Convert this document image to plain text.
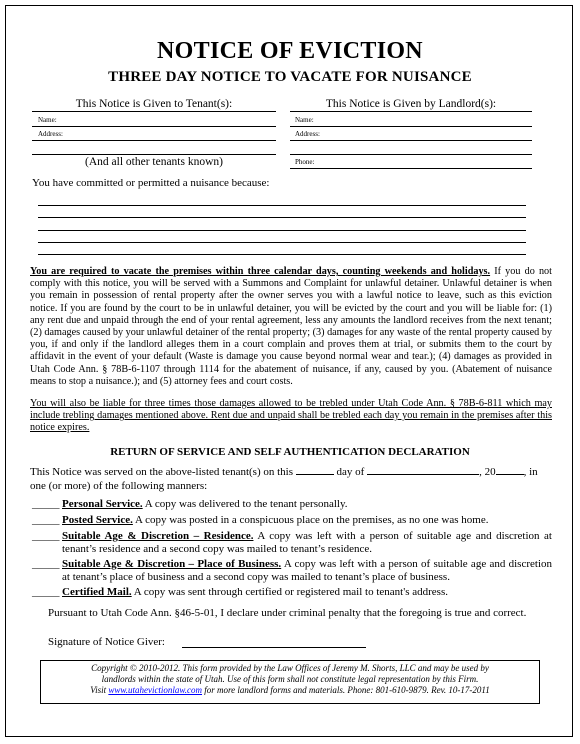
NOTICE OF EVICTION
THREE DAY NOTICE TO VACATE FOR NUISANCE
This Notice is Given to Tenant(s):
Name:
Address:
(And all other tenants known)
This Notice is Given by Landlord(s):
Name:
Address:
Phone:
You have committed or permitted a nuisance because:
You are required to vacate the premises within three calendar days, counting weekends and holidays. If you do not comply with this notice, you will be served with a Summons and Complaint for unlawful detainer. Unlawful detainer is when you remain in possession of rental property after the owner serves you with a lawful notice to leave, such as this eviction notice. If you are found by the court to be in unlawful detainer, you will be evicted by the court and you will be liable for: (1) any rent due and unpaid through the end of your rental agreement, less any amounts the landlord receives from the next tenant; (2) damages caused by your unlawful detainer of the rental property; (3) damages for any waste of the rental property caused by you, if and only if the landlord alleges them in a court complain and proves them at trial, or submits them to the court by affidavit in the event of your default (Waste is damage you cause beyond normal wear and tear.); (4) damages as provided in Utah Code Ann. § 78B-6-1107 through 1114 for the abatement of nuisance, if any, caused by you. (Abatement of nuisance means to stop a nuisance.); and (5) attorney fees and court costs.
You will also be liable for three times those damages allowed to be trebled under Utah Code Ann. § 78B-6-811 which may include trebling damages mentioned above. Rent due and unpaid shall be trebled each day you remain in the premises after this notice expires.
RETURN OF SERVICE AND SELF AUTHENTICATION DECLARATION
This Notice was served on the above-listed tenant(s) on this	day of	, 20	, in
one (or more) of the following manners:
_____ Personal Service. A copy was delivered to the tenant personally.
_____ Posted Service. A copy was posted in a conspicuous place on the premises, as no one was home.
_____ Suitable Age & Discretion – Residence. A copy was left with a person of suitable age and discretion at tenant’s residence and a second copy was mailed to tenant’s residence.
_____ Suitable Age & Discretion – Place of Business. A copy was left with a person of suitable age and discretion at tenant’s place of business and a second copy was mailed to tenant’s place of business.
_____ Certified Mail. A copy was sent through certified or registered mail to tenant's address.
Pursuant to Utah Code Ann. §46-5-01, I declare under criminal penalty that the foregoing is true and correct.
Signature of Notice Giver:
Copyright © 2010-2012. This form provided by the Law Offices of Jeremy M. Shorts, LLC and may be used by
landlords within the state of Utah. Use of this form shall not constitute legal representation by this Firm.
Visit www.utahevictionlaw.com for more landlord forms and materials. Phone: 801-610-9879. Rev. 10-17-2011
